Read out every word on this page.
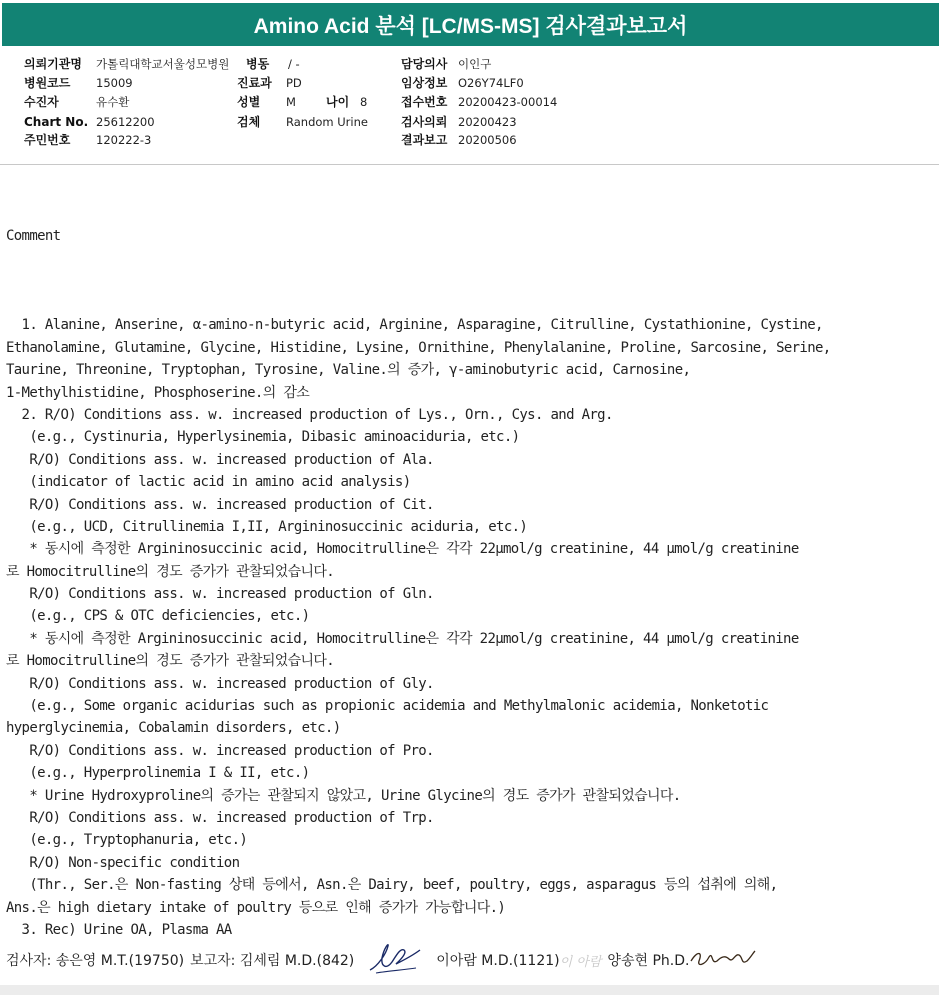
Amino Acid 분석 [LC/MS-MS] 검사결과보고서
의뢰기관명 가톨릭대학교서울성모병원 병동 / -	담당의사 이인구
병원코드 15009	진료과 PD	임상정보 O26Y74LF0
수진자	유수환	성별 M	나이 8	접수번호 20200423-00014
Chart No. 25612200	검체 Random Urine	검사의뢰 20200423
주민번호 120222-3	결과보고 20200506

Comment

1. Alanine, Anserine, α-amino-n-butyric acid, Arginine, Asparagine, Citrulline, Cystathionine, Cystine,
Ethanolamine, Glutamine, Glycine, Histidine, Lysine, Ornithine, Phenylalanine, Proline, Sarcosine, Serine,
Taurine, Threonine, Tryptophan, Tyrosine, Valine.의 증가, γ-aminobutyric acid, Carnosine,
1-Methylhistidine, Phosphoserine.의 감소
2. R/O) Conditions ass. w. increased production of Lys., Orn., Cys. and Arg.
(e.g., Cystinuria, Hyperlysinemia, Dibasic aminoaciduria, etc.)
R/O) Conditions ass. w. increased production of Ala.
(indicator of lactic acid in amino acid analysis)
R/O) Conditions ass. w. increased production of Cit.
(e.g., UCD, Citrullinemia I,II, Argininosuccinic aciduria, etc.)
* 동시에 측정한 Argininosuccinic acid, Homocitrulline은 각각 22μmol/g creatinine, 44 μmol/g creatinine
로 Homocitrulline의 경도 증가가 관찰되었습니다.
R/O) Conditions ass. w. increased production of Gln.
(e.g., CPS & OTC deficiencies, etc.)
* 동시에 측정한 Argininosuccinic acid, Homocitrulline은 각각 22μmol/g creatinine, 44 μmol/g creatinine
로 Homocitrulline의 경도 증가가 관찰되었습니다.
R/O) Conditions ass. w. increased production of Gly.
(e.g., Some organic acidurias such as propionic acidemia and Methylmalonic acidemia, Nonketotic
hyperglycinemia, Cobalamin disorders, etc.)
R/O) Conditions ass. w. increased production of Pro.
(e.g., Hyperprolinemia I & II, etc.)
* Urine Hydroxyproline의 증가는 관찰되지 않았고, Urine Glycine의 경도 증가가 관찰되었습니다.
R/O) Conditions ass. w. increased production of Trp.
(e.g., Tryptophanuria, etc.)
R/O) Non-specific condition
(Thr., Ser.은 Non-fasting 상태 등에서, Asn.은 Dairy, beef, poultry, eggs, asparagus 등의 섭취에 의해,
Ans.은 high dietary intake of poultry 등으로 인해 증가가 가능합니다.)
3. Rec) Urine OA, Plasma AA

검사자: 송은영 M.T.(19750) 보고자: 김세림 M.D.(842)	이아람 M.D.(1121) 이 아람 양송현 Ph.D.
